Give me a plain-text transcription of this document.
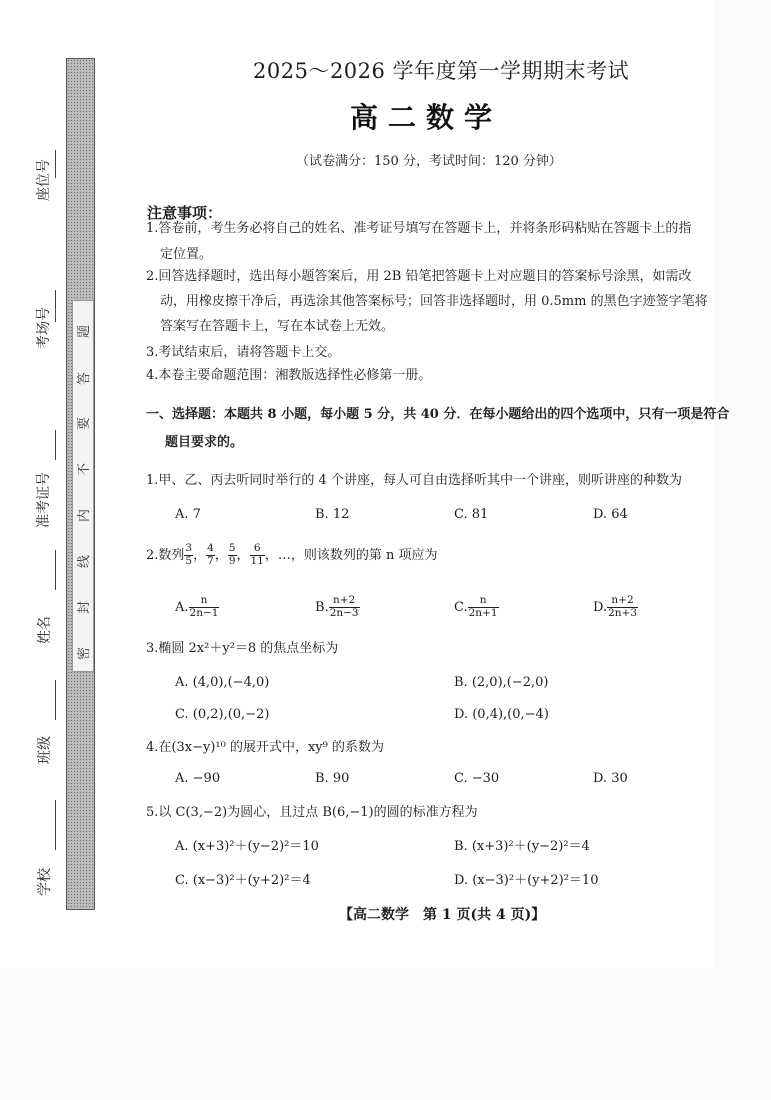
座位号
考场号
准考证号
姓名
班级
学校
题
答
要
不
内
线
封
密
2025～2026 学年度第一学期期末考试
高二数学
（试卷满分：150 分，考试时间：120 分钟）
注意事项：
1.答卷前，考生务必将自己的姓名、准考证号填写在答题卡上，并将条形码粘贴在答题卡上的指
定位置。
2.回答选择题时，选出每小题答案后，用 2B 铅笔把答题卡上对应题目的答案标号涂黑，如需改
动，用橡皮擦干净后，再选涂其他答案标号；回答非选择题时，用 0.5mm 的黑色字迹签字笔将
答案写在答题卡上，写在本试卷上无效。
3.考试结束后，请将答题卡上交。
4.本卷主要命题范围：湘教版选择性必修第一册。
一、选择题：本题共 8 小题，每小题 5 分，共 40 分．在每小题给出的四个选项中，只有一项是符合
题目要求的。
1.甲、乙、丙去听同时举行的 4 个讲座，每人可自由选择听其中一个讲座，则听讲座的种数为
A. 7	B. 12	C. 81	D. 64
2.数列 $\frac{3}{5}$ ， $\frac{4}{7}$ ， $\frac{5}{9}$ ， $\frac{6}{11}$ ，…，则该数列的第 n 项应为
A. $\frac{n}{2n-1}$	B. $\frac{n+2}{2n-3}$	C. $\frac{n}{2n+1}$	D. $\frac{n+2}{2n+3}$
3.椭圆 2x²＋y²＝8 的焦点坐标为
A. (4,0),(−4,0)	B. (2,0),(−2,0)
C. (0,2),(0,−2)	D. (0,4),(0,−4)
4.在(3x−y)¹⁰ 的展开式中，xy⁹ 的系数为
A. −90	B. 90	C. −30	D. 30
5.以 C(3,−2)为圆心，且过点 B(6,−1)的圆的标准方程为
A. (x+3)²＋(y−2)²＝10	B. (x+3)²＋(y−2)²＝4
C. (x−3)²＋(y+2)²＝4	D. (x−3)²＋(y+2)²＝10
【高二数学　第 1 页(共 4 页)】
